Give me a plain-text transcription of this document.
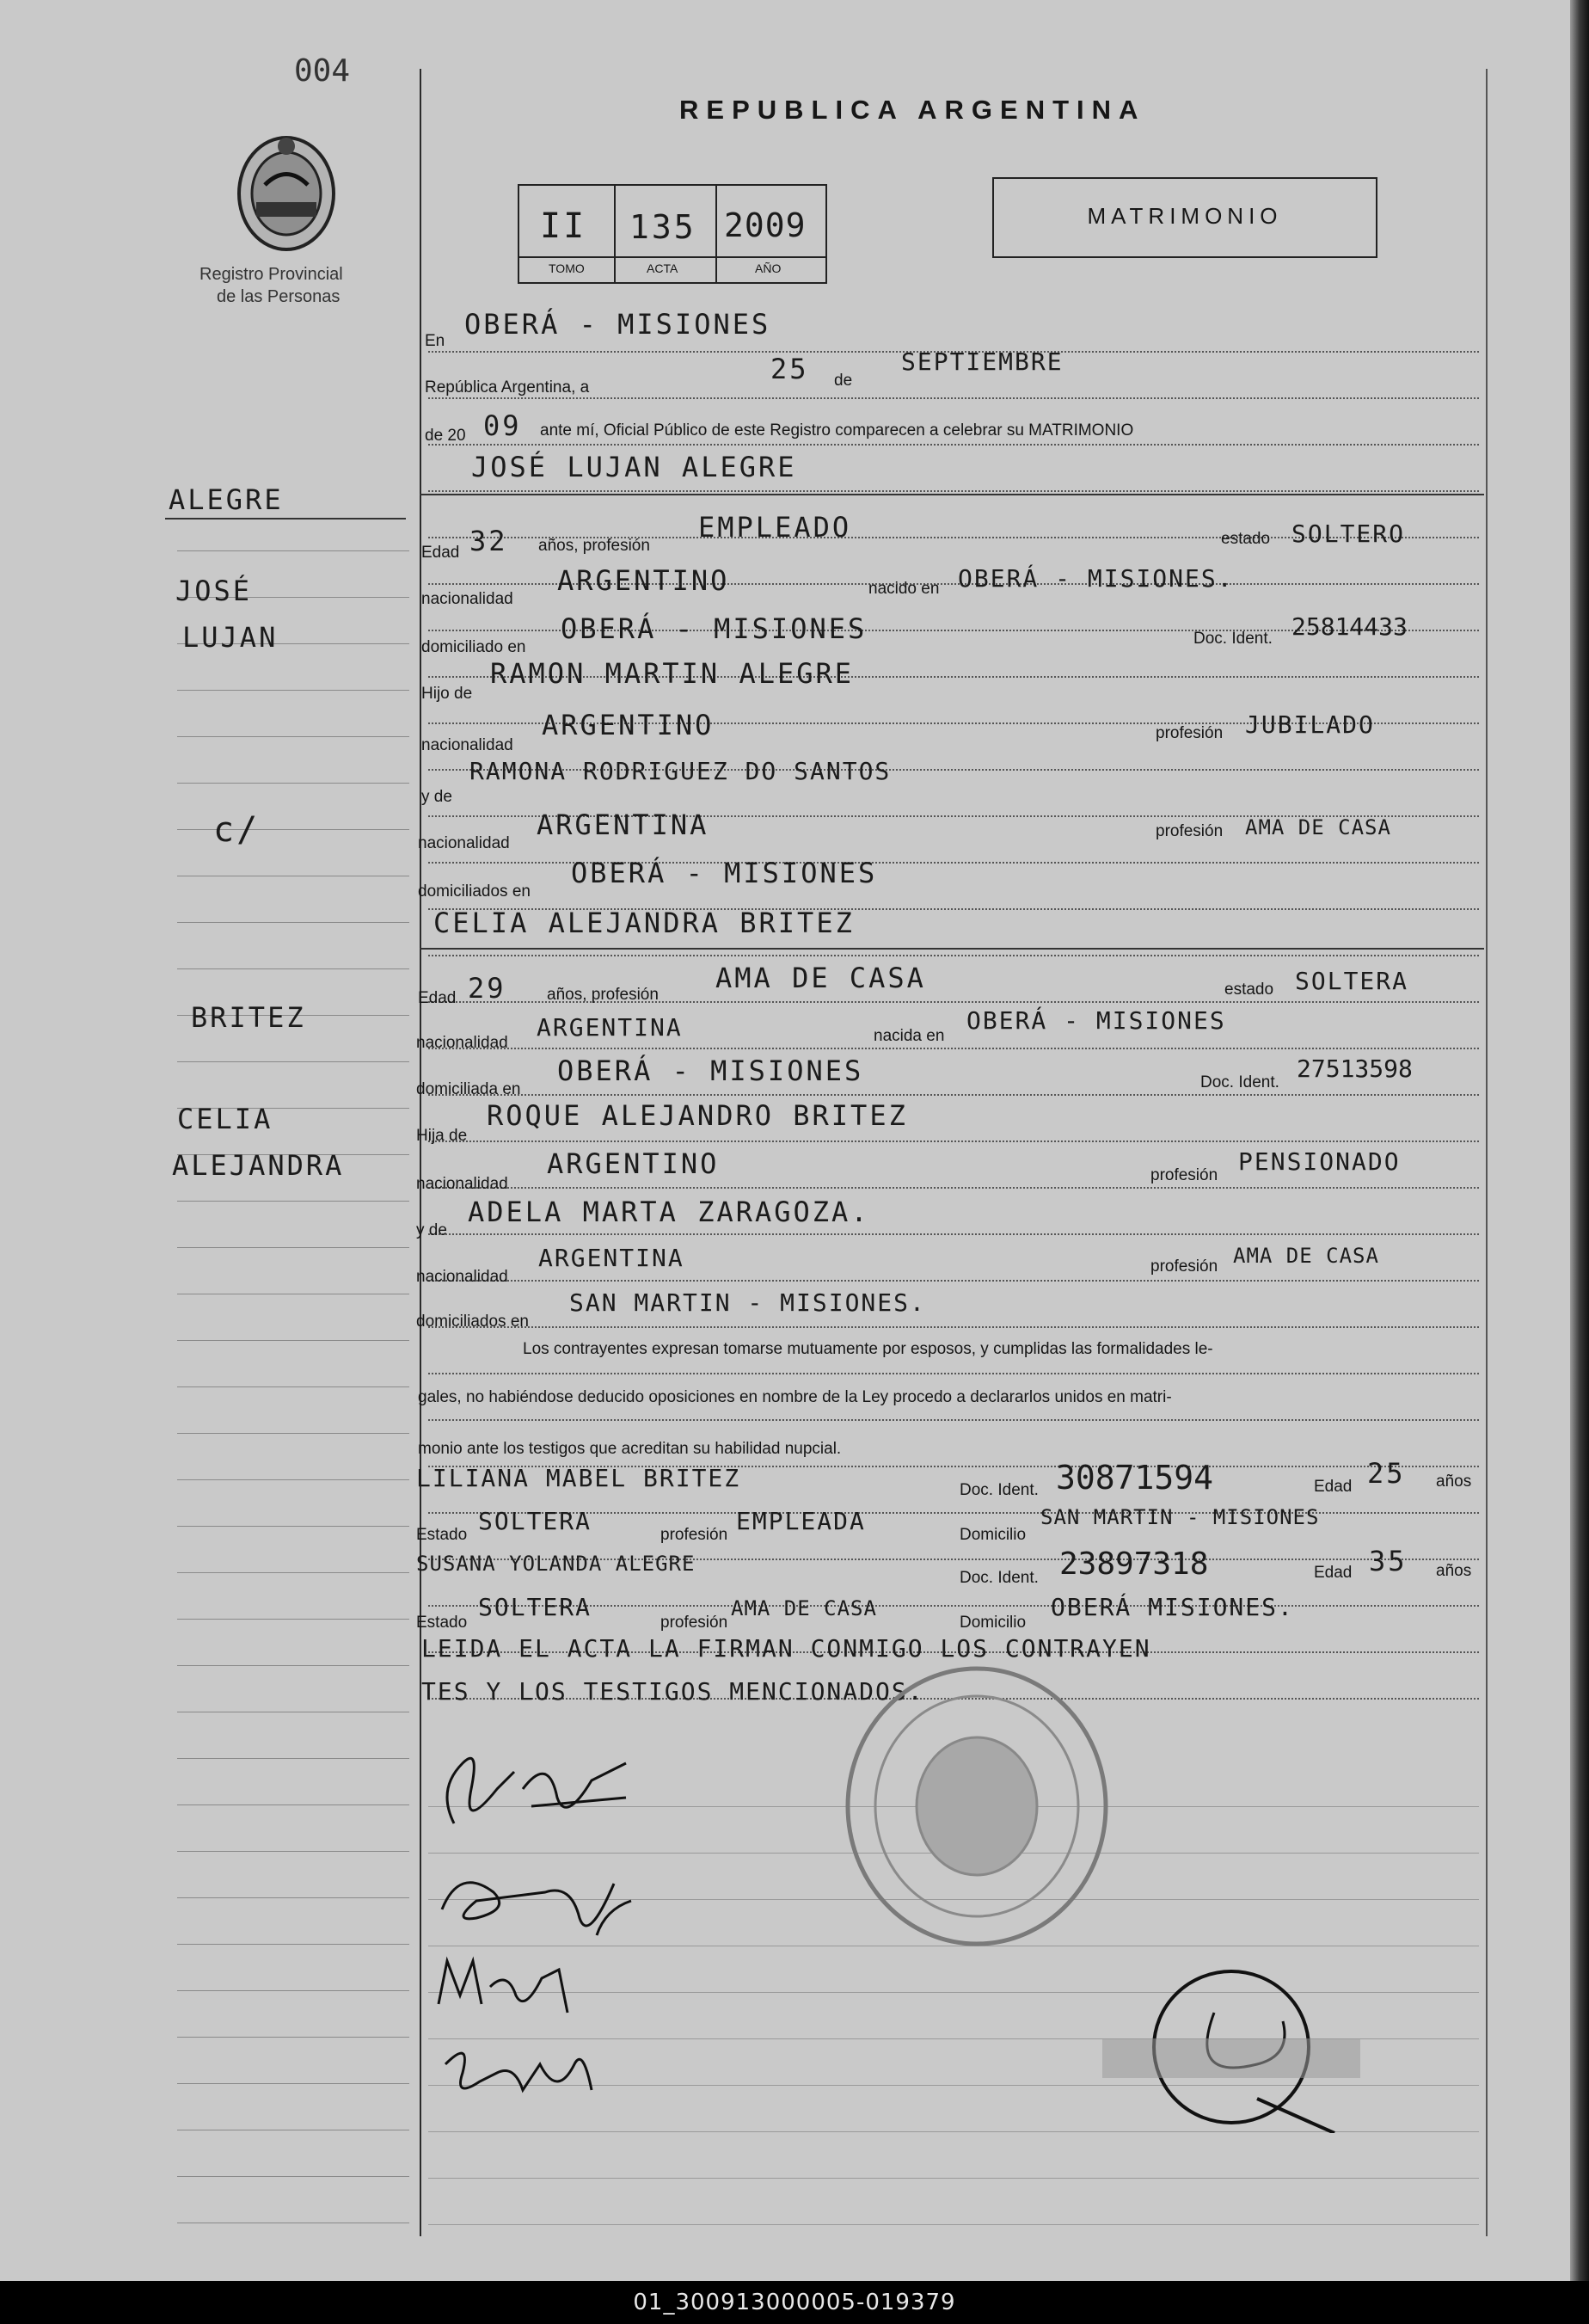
004
Registro Provincial
de las Personas
REPUBLICA ARGENTINA
II 135 2009
TOMO	ACTA	AÑO
MATRIMONIO
ALEGRE
JOSÉ
LUJAN
c/
BRITEZ
CELIA
ALEJANDRA
En
OBERÁ - MISIONES
República Argentina, a
25 de
SEPTIEMBRE
de 20 09 ante mí, Oficial Público de este Registro comparecen a celebrar su MATRIMONIO
JOSÉ LUJAN ALEGRE
Edad 32 años, profesión
EMPLEADO	estado SOLTERO
nacionalidad
ARGENTINO	nacido en OBERÁ - MISIONES.
domiciliado en
OBERÁ - MISIONES	Doc. Ident. 25814433
Hijo de
RAMON MARTIN ALEGRE
nacionalidad
ARGENTINO	profesión JUBILADO
y de
RAMONA RODRIGUEZ DO SANTOS
nacionalidad
ARGENTINA	profesión AMA DE CASA
domiciliados en
OBERÁ - MISIONES
CELIA ALEJANDRA BRITEZ
Edad 29 años, profesión
AMA DE CASA	estado SOLTERA
nacionalidad
ARGENTINA	nacida en
OBERÁ - MISIONES
domiciliada en
OBERÁ - MISIONES	Doc. Ident. 27513598
Hija de
ROQUE ALEJANDRO BRITEZ
nacionalidad
ARGENTINO	profesión PENSIONADO
y de
ADELA MARTA ZARAGOZA.
nacionalidad
ARGENTINA	profesión AMA DE CASA
domiciliados en
SAN MARTIN - MISIONES.
Los contrayentes expresan tomarse mutuamente por esposos, y cumplidas las formalidades le-
gales, no habiéndose deducido oposiciones en nombre de la Ley procedo a declararlos unidos en matri-
monio ante los testigos que acreditan su habilidad nupcial.
LILIANA MABEL BRITEZ	Doc. Ident. 30871594	Edad 25 años
Estado SOLTERA	profesión EMPLEADA	Domicilio
SAN MARTIN - MISIONES
SUSANA YOLANDA ALEGRE
Doc. Ident. 23897318	Edad 35 años
Estado
SOLTERA
profesión
AMA DE CASA
Domicilio
OBERÁ MISIONES.
LEIDA EL ACTA LA FIRMAN CONMIGO LOS CONTRAYEN
TES Y LOS TESTIGOS MENCIONADOS.
01_300913000005-019379
